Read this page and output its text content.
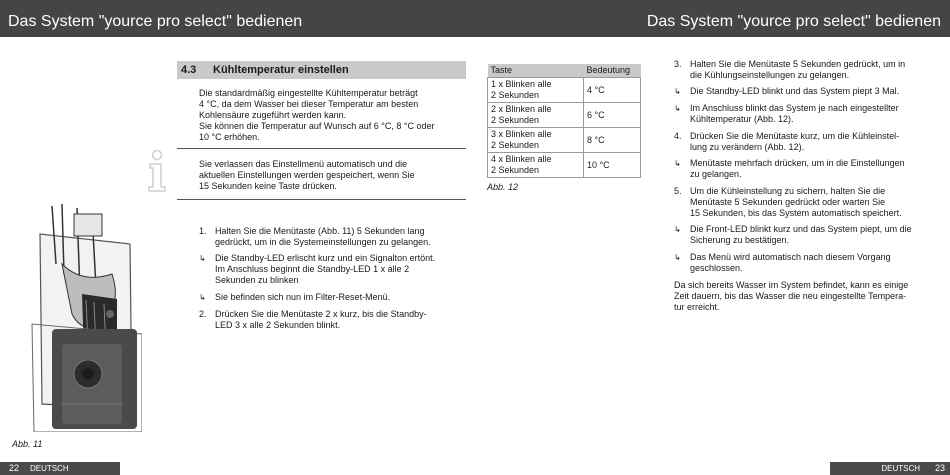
Das System "yource pro select" bedienen	Das System "yource pro select" bedienen
Abb. 11
4.3 Kühltemperatur einstellen
Die standardmäßig eingestellte Kühltemperatur beträgt
4 °C, da dem Wasser bei dieser Temperatur am besten
Kohlensäure zugeführt werden kann.
Sie können die Temperatur auf Wunsch auf 6 °C, 8 °C oder
10 °C erhöhen.
Sie verlassen das Einstellmenü automatisch und die
aktuellen Einstellungen werden gespeichert, wenn Sie
15 Sekunden keine Taste drücken.
1. Halten Sie die Menütaste (Abb. 11) 5 Sekunden lang
gedrückt, um in die Systemeinstellungen zu gelangen.
↳ Die Standby-LED erlischt kurz und ein Signalton ertönt.
Im Anschluss beginnt die Standby-LED 1 x alle 2
Sekunden zu blinken
↳ Sie befinden sich nun im Filter-Reset-Menü.
2. Drücken Sie die Menütaste 2 x kurz, bis die Standby-
LED 3 x alle 2 Sekunden blinkt.
Taste	Bedeutung
1 x Blinken alle
2 Sekunden	4 °C
2 x Blinken alle
2 Sekunden	6 °C
3 x Blinken alle
2 Sekunden	8 °C
4 x Blinken alle
2 Sekunden	10 °C
Abb. 12
3. Halten Sie die Menütaste 5 Sekunden gedrückt, um in
die Kühlungseinstellungen zu gelangen.
↳ Die Standby-LED blinkt und das System piept 3 Mal.
↳ Im Anschluss blinkt das System je nach eingestellter
Kühltemperatur (Abb. 12).
4. Drücken Sie die Menütaste kurz, um die Kühleinstel-
lung zu verändern (Abb. 12).
↳ Menütaste mehrfach drücken, um in die Einstellungen
zu gelangen.
5. Um die Kühleinstellung zu sichern, halten Sie die
Menütaste 5 Sekunden gedrückt oder warten Sie
15 Sekunden, bis das System automatisch speichert.
↳ Die Front-LED blinkt kurz und das System piept, um die
Sicherung zu bestätigen.
↳ Das Menü wird automatisch nach diesem Vorgang
geschlossen.
Da sich bereits Wasser im System befindet, kann es einige
Zeit dauern, bis das Wasser die neu eingestellte Tempera-
tur erreicht.
22 DEUTSCH	DEUTSCH 23
